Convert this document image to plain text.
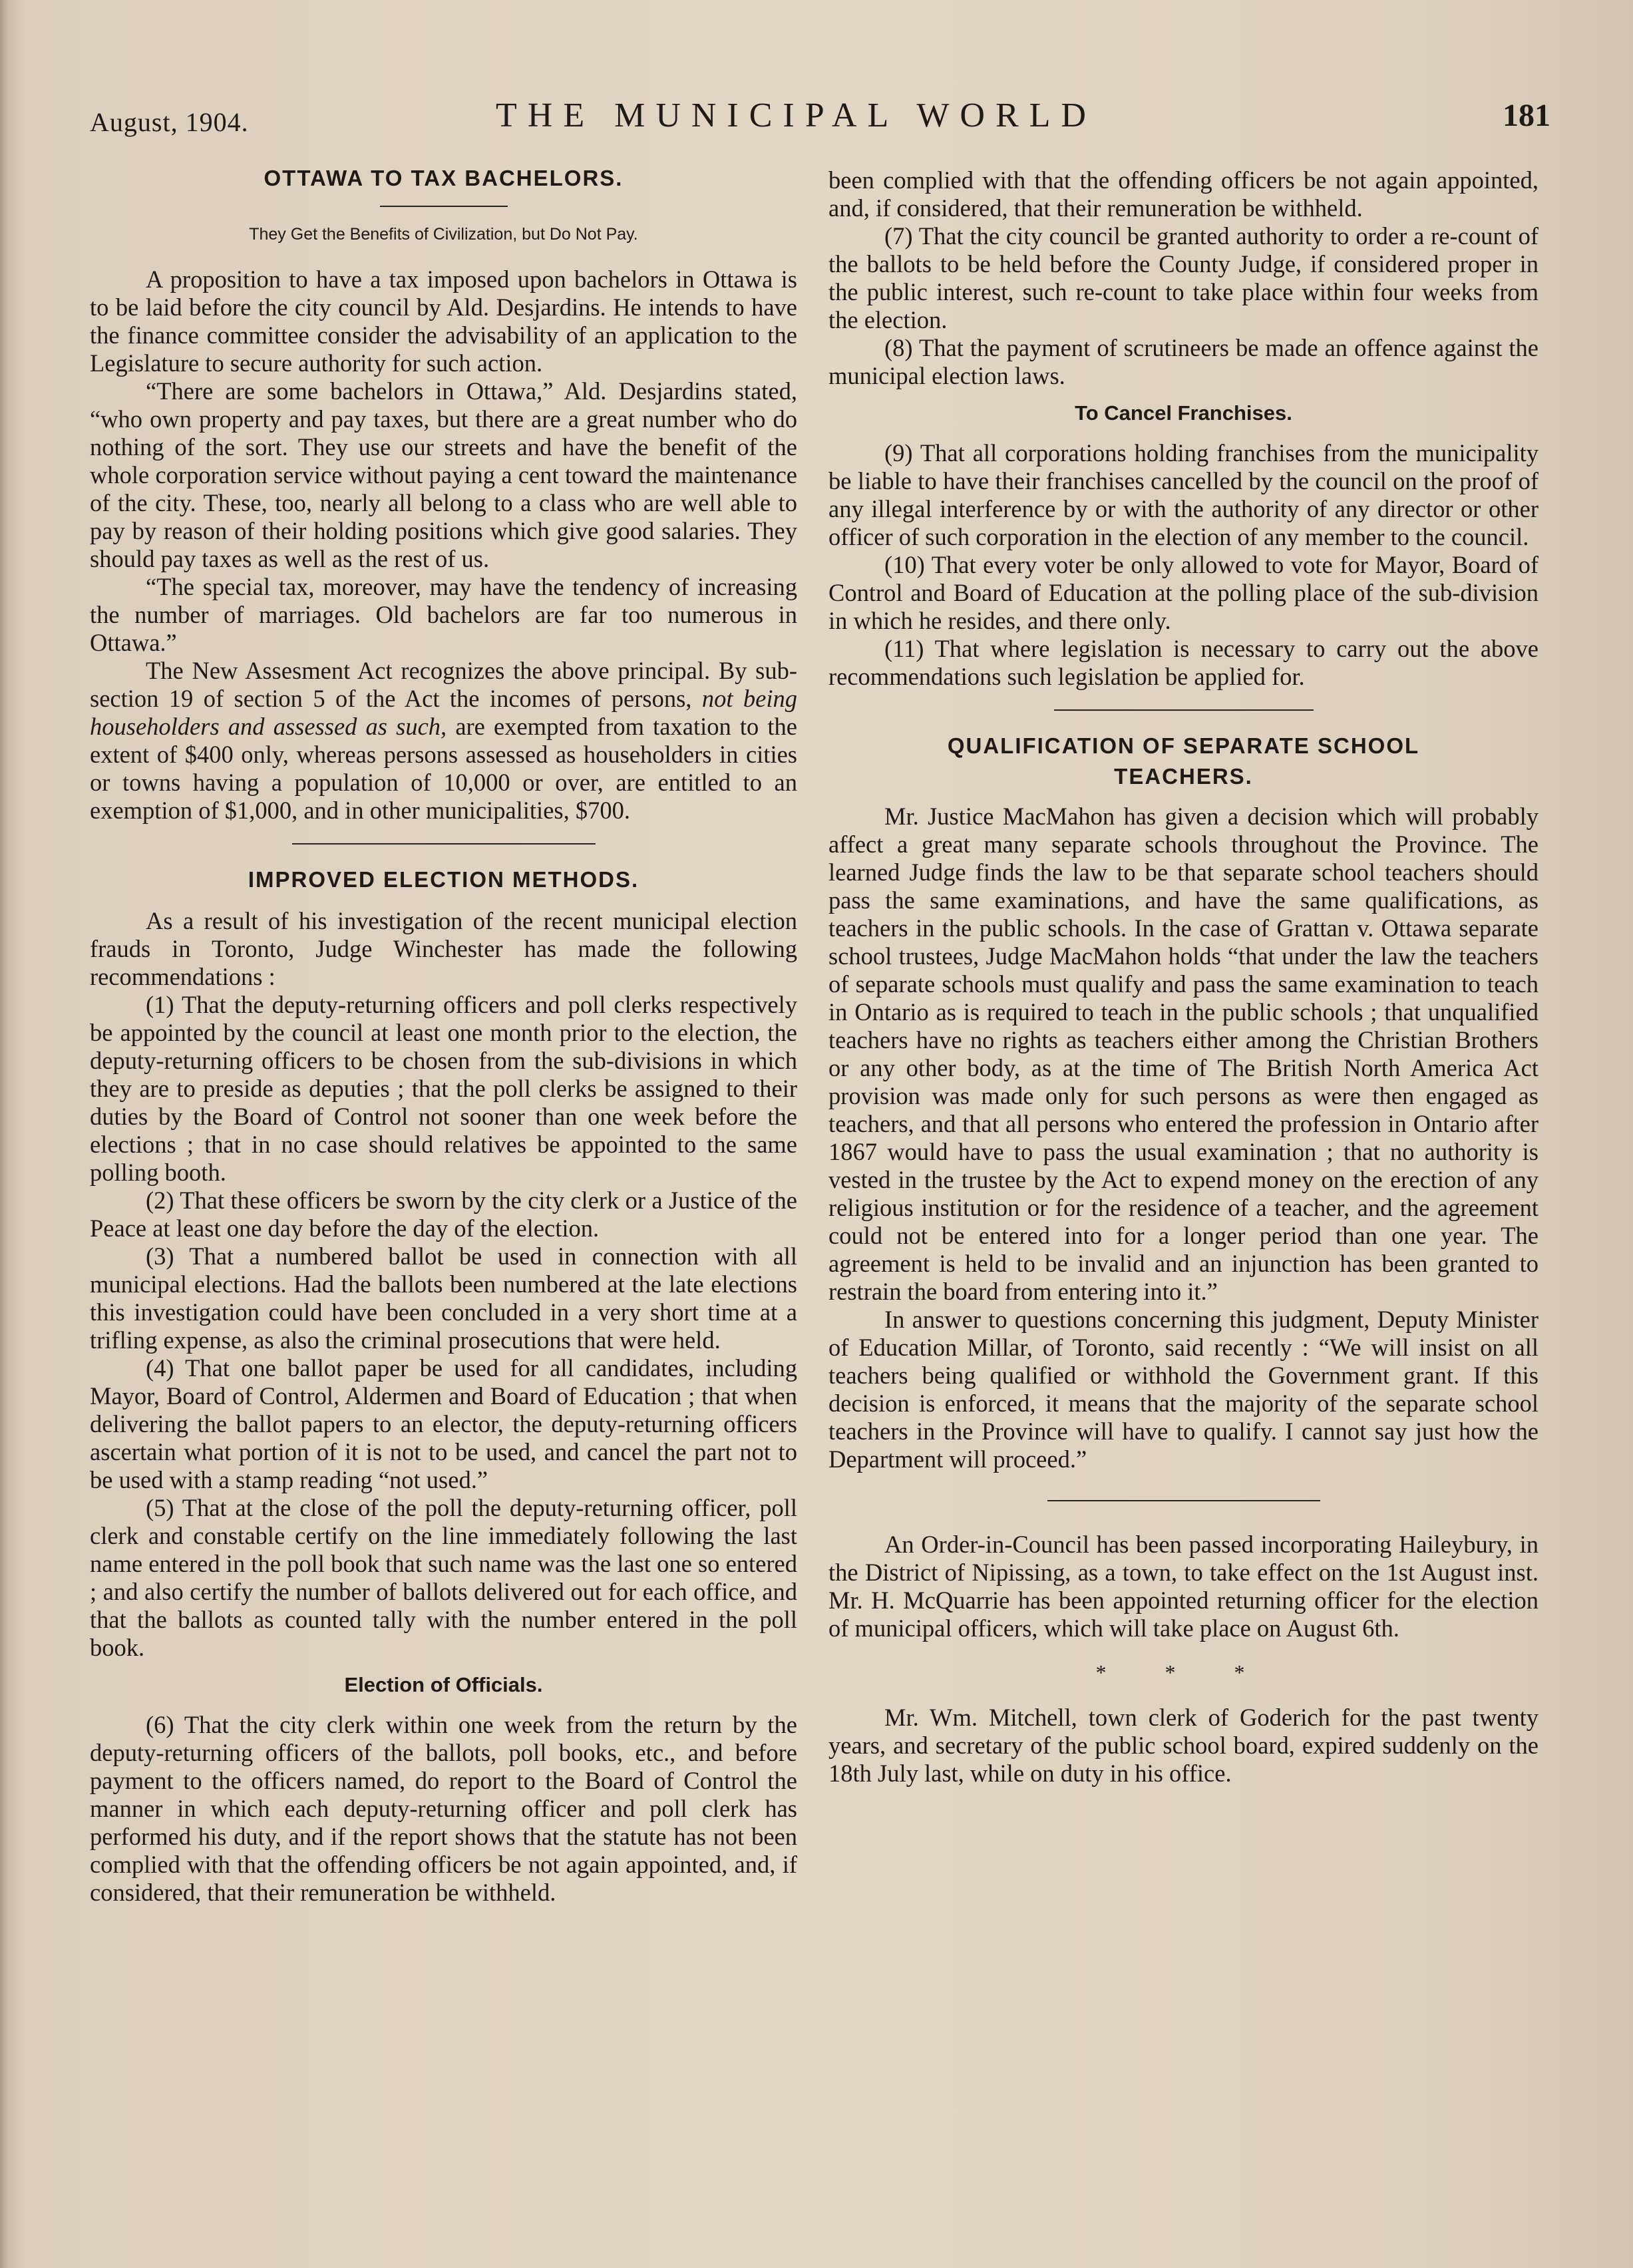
August, 1904.	THE MUNICIPAL WORLD	181
OTTAWA TO TAX BACHELORS.
They Get the Benefits of Civilization, but Do Not Pay.

A proposition to have a tax imposed upon bachelors in Ottawa is to be laid before the city council by Ald. Desjardins. He intends to have the finance committee consider the advisability of an application to the Legislature to secure authority for such action.

“There are some bachelors in Ottawa,” Ald. Desjardins stated, “who own property and pay taxes, but there are a great number who do nothing of the sort. They use our streets and have the benefit of the whole corporation service without paying a cent toward the maintenance of the city. These, too, nearly all belong to a class who are well able to pay by reason of their holding positions which give good salaries. They should pay taxes as well as the rest of us.

“The special tax, moreover, may have the tendency of increasing the number of marriages. Old bachelors are far too numerous in Ottawa.”

The New Assesment Act recognizes the above principal. By sub-section 19 of section 5 of the Act the incomes of persons, not being householders and assessed as such, are exempted from taxation to the extent of $400 only, whereas persons assessed as householders in cities or towns having a population of 10,000 or over, are entitled to an exemption of $1,000, and in other municipalities, $700.

IMPROVED ELECTION METHODS.

As a result of his investigation of the recent municipal election frauds in Toronto, Judge Winchester has made the following recommendations :

(1) That the deputy-returning officers and poll clerks respectively be appointed by the council at least one month prior to the election, the deputy-returning officers to be chosen from the sub-divisions in which they are to preside as deputies ; that the poll clerks be assigned to their duties by the Board of Control not sooner than one week before the elections ; that in no case should relatives be appointed to the same polling booth.

(2) That these officers be sworn by the city clerk or a Justice of the Peace at least one day before the day of the election.

(3) That a numbered ballot be used in connection with all municipal elections. Had the ballots been numbered at the late elections this investigation could have been concluded in a very short time at a trifling expense, as also the criminal prosecutions that were held.

(4) That one ballot paper be used for all candidates, including Mayor, Board of Control, Aldermen and Board of Education ; that when delivering the ballot papers to an elector, the deputy-returning officers ascertain what portion of it is not to be used, and cancel the part not to be used with a stamp reading “not used.”

(5) That at the close of the poll the deputy-returning officer, poll clerk and constable certify on the line immediately following the last name entered in the poll book that such name was the last one so entered ; and also certify the number of ballots delivered out for each office, and that the ballots as counted tally with the number entered in the poll book.

Election of Officials.

(6) That the city clerk within one week from the return by the deputy-returning officers of the ballots, poll books, etc., and before payment to the officers named, do report to the Board of Control the manner in which each deputy-returning officer and poll clerk has performed his duty, and if the report shows that the statute has not been complied with that the offending officers be not again appointed, and, if considered, that their remuneration be withheld.

been complied with that the offending officers be not again appointed, and, if considered, that their remuneration be withheld.

(7) That the city council be granted authority to order a re-count of the ballots to be held before the County Judge, if considered proper in the public interest, such re-count to take place within four weeks from the election.

(8) That the payment of scrutineers be made an offence against the municipal election laws.

To Cancel Franchises.

(9) That all corporations holding franchises from the municipality be liable to have their franchises cancelled by the council on the proof of any illegal interference by or with the authority of any director or other officer of such corporation in the election of any member to the council.

(10) That every voter be only allowed to vote for Mayor, Board of Control and Board of Education at the polling place of the sub-division in which he resides, and there only.

(11) That where legislation is necessary to carry out the above recommendations such legislation be applied for.

QUALIFICATION OF SEPARATE SCHOOL
TEACHERS.

Mr. Justice MacMahon has given a decision which will probably affect a great many separate schools throughout the Province. The learned Judge finds the law to be that separate school teachers should pass the same examinations, and have the same qualifications, as teachers in the public schools. In the case of Grattan v. Ottawa separate school trustees, Judge MacMahon holds “that under the law the teachers of separate schools must qualify and pass the same examination to teach in Ontario as is required to teach in the public schools ; that unqualified teachers have no rights as teachers either among the Christian Brothers or any other body, as at the time of The British North America Act provision was made only for such persons as were then engaged as teachers, and that all persons who entered the profession in Ontario after 1867 would have to pass the usual examination ; that no authority is vested in the trustee by the Act to expend money on the erection of any religious institution or for the residence of a teacher, and the agreement could not be entered into for a longer period than one year. The agreement is held to be invalid and an injunction has been granted to restrain the board from entering into it.”

In answer to questions concerning this judgment, Deputy Minister of Education Millar, of Toronto, said recently : “We will insist on all teachers being qualified or withhold the Government grant. If this decision is enforced, it means that the majority of the separate school teachers in the Province will have to qualify. I cannot say just how the Department will proceed.”

An Order-in-Council has been passed incorporating Haileybury, in the District of Nipissing, as a town, to take effect on the 1st August inst. Mr. H. McQuarrie has been appointed returning officer for the election of municipal officers, which will take place on August 6th.

* * *

Mr. Wm. Mitchell, town clerk of Goderich for the past twenty years, and secretary of the public school board, expired suddenly on the 18th July last, while on duty in his office.
